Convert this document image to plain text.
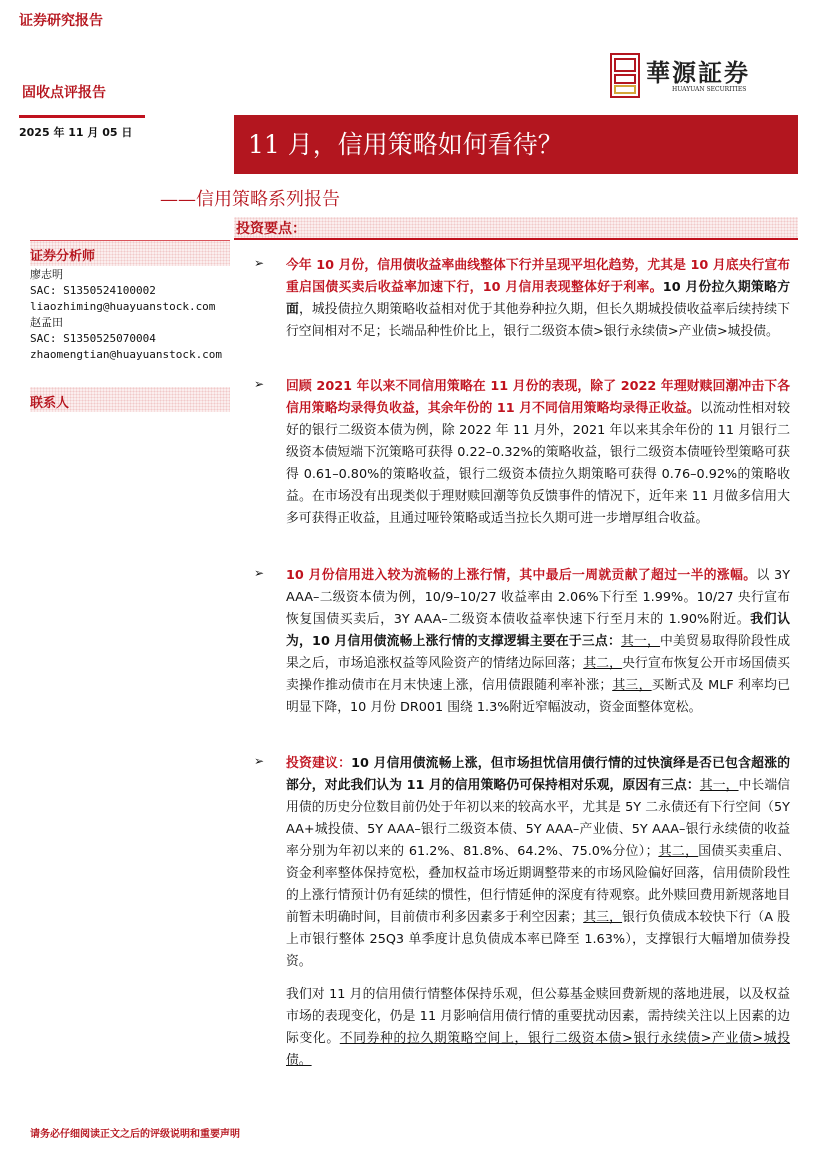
证券研究报告
固收点评报告
2025 年 11 月 05 日
華源証券
HUAYUAN SECURITIES
11 月，信用策略如何看待？
——信用策略系列报告
投资要点：
证券分析师
廖志明
SAC: S1350524100002
liaozhiming@huayuanstock.com
赵孟田
SAC: S1350525070004
zhaomengtian@huayuanstock.com
联系人
➢ 今年 10 月份，信用债收益率曲线整体下行并呈现平坦化趋势，尤其是 10 月底央行宣布重启国债买卖后收益率加速下行，10 月信用表现整体好于利率。10 月份拉久期策略方面，城投债拉久期策略收益相对优于其他券种拉久期，但长久期城投债收益率后续持续下行空间相对不足；长端品种性价比上，银行二级资本债>银行永续债>产业债>城投债。
➢ 回顾 2021 年以来不同信用策略在 11 月份的表现，除了 2022 年理财赎回潮冲击下各信用策略均录得负收益，其余年份的 11 月不同信用策略均录得正收益。以流动性相对较好的银行二级资本债为例，除 2022 年 11 月外，2021 年以来其余年份的 11 月银行二级资本债短端下沉策略可获得 0.22–0.32%的策略收益，银行二级资本债哑铃型策略可获得 0.61–0.80%的策略收益，银行二级资本债拉久期策略可获得 0.76–0.92%的策略收益。在市场没有出现类似于理财赎回潮等负反馈事件的情况下，近年来 11 月做多信用大多可获得正收益，且通过哑铃策略或适当拉长久期可进一步增厚组合收益。
➢ 10 月份信用进入较为流畅的上涨行情，其中最后一周就贡献了超过一半的涨幅。以 3Y AAA–二级资本债为例，10/9–10/27 收益率由 2.06%下行至 1.99%。10/27 央行宣布恢复国债买卖后，3Y AAA–二级资本债收益率快速下行至月末的 1.90%附近。我们认为，10 月信用债流畅上涨行情的支撑逻辑主要在于三点：其一，中美贸易取得阶段性成果之后，市场追涨权益等风险资产的情绪边际回落；其二，央行宣布恢复公开市场国债买卖操作推动债市在月末快速上涨，信用债跟随利率补涨；其三，买断式及 MLF 利率均已明显下降，10 月份 DR001 围绕 1.3%附近窄幅波动，资金面整体宽松。
➢ 投资建议：10 月信用债流畅上涨，但市场担忧信用债行情的过快演绎是否已包含超涨的部分，对此我们认为 11 月的信用策略仍可保持相对乐观，原因有三点：其一，中长端信用债的历史分位数目前仍处于年初以来的较高水平，尤其是 5Y 二永债还有下行空间（5Y AA+城投债、5Y AAA–银行二级资本债、5Y AAA–产业债、5Y AAA–银行永续债的收益率分别为年初以来的 61.2%、81.8%、64.2%、75.0%分位）；其二，国债买卖重启、资金利率整体保持宽松，叠加权益市场近期调整带来的市场风险偏好回落，信用债阶段性的上涨行情预计仍有延续的惯性，但行情延伸的深度有待观察。此外赎回费用新规落地目前暂未明确时间，目前债市利多因素多于利空因素；其三，银行负债成本较快下行（A 股上市银行整体 25Q3 单季度计息负债成本率已降至 1.63%），支撑银行大幅增加债券投资。
我们对 11 月的信用债行情整体保持乐观，但公募基金赎回费新规的落地进展，以及权益市场的表现变化，仍是 11 月影响信用债行情的重要扰动因素，需持续关注以上因素的边际变化。不同券种的拉久期策略空间上，银行二级资本债>银行永续债>产业债>城投债。
请务必仔细阅读正文之后的评级说明和重要声明
